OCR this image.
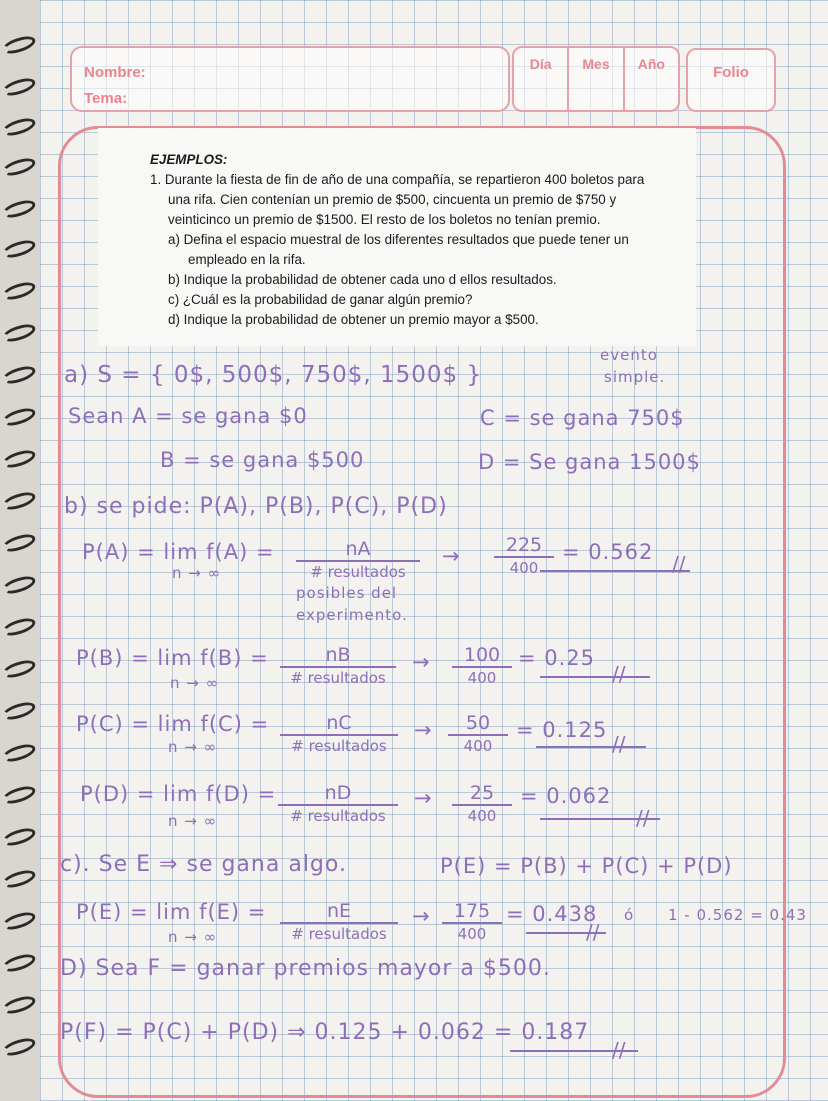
Nombre:
Tema:
Día	Mes	Año	Folio
EJEMPLOS:
1. Durante la fiesta de fin de año de una compañía, se repartieron 400 boletos para una rifa. Cien contenían un premio de $500, cincuenta un premio de $750 y veinticinco un premio de $1500. El resto de los boletos no tenían premio.
a) Defina el espacio muestral de los diferentes resultados que puede tener un empleado en la rifa.
b) Indique la probabilidad de obtener cada uno d ellos resultados.
c) ¿Cuál es la probabilidad de ganar algún premio?
d) Indique la probabilidad de obtener un premio mayor a $500.
a) S = { 0$, 500$, 750$, 1500$ }
evento
simple.
Sean A = se gana $0	C = se gana 750$
B = se gana $500	D = Se gana 1500$
b) se pide: P(A), P(B), P(C), P(D)
P(A) = lim f(A) =
n → ∞
nA
# resultados
posibles del
experimento.
→	225
400
= 0.562 //
P(B) = lim f(B) =
n → ∞
nB
# resultados
→	100
400
= 0.25
//
P(C) = lim f(C) =
n → ∞
nC
# resultados
→	50
400
= 0.125
//
P(D) = lim f(D) =
n → ∞
nD
# resultados
→	25
400
= 0.062
//
c). Se E ⇒ se gana algo.	P(E) = P(B) + P(C) + P(D)
P(E) = lim f(E) =
n → ∞
nE
# resultados
→	175
400
= 0.438
//
ó 1 - 0.562 = 0.43
D) Sea F = ganar premios mayor a $500.
P(F) = P(C) + P(D) ⇒ 0.125 + 0.062 = 0.187
//
